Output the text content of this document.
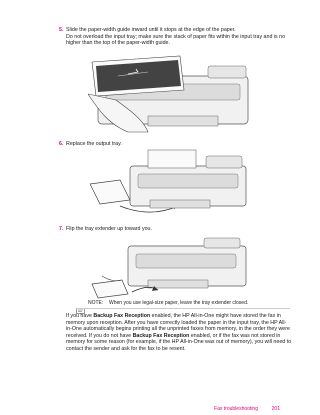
5. Slide the paper-width guide inward until it stops at the edge of the paper.

Do not overload the input tray; make sure the stack of paper fits within the input tray and is no higher than the top of the paper-width guide.

6. Replace the output tray.

7. Flip the tray extender up toward you.

NOTE: When you use legal-size paper, leave the tray extender closed.
If you have Backup Fax Reception enabled, the HP All-in-One might have stored the fax in memory upon reception. After you have correctly loaded the paper in the input tray, the HP All-in-One automatically begins printing all the unprinted faxes from memory, in the order they were received. If you do not have Backup Fax Reception enabled, or if the fax was not stored in memory for some reason (for example, if the HP All-in-One was out of memory), you will need to contact the sender and ask for the fax to be resent.
Fax troubleshooting	201
